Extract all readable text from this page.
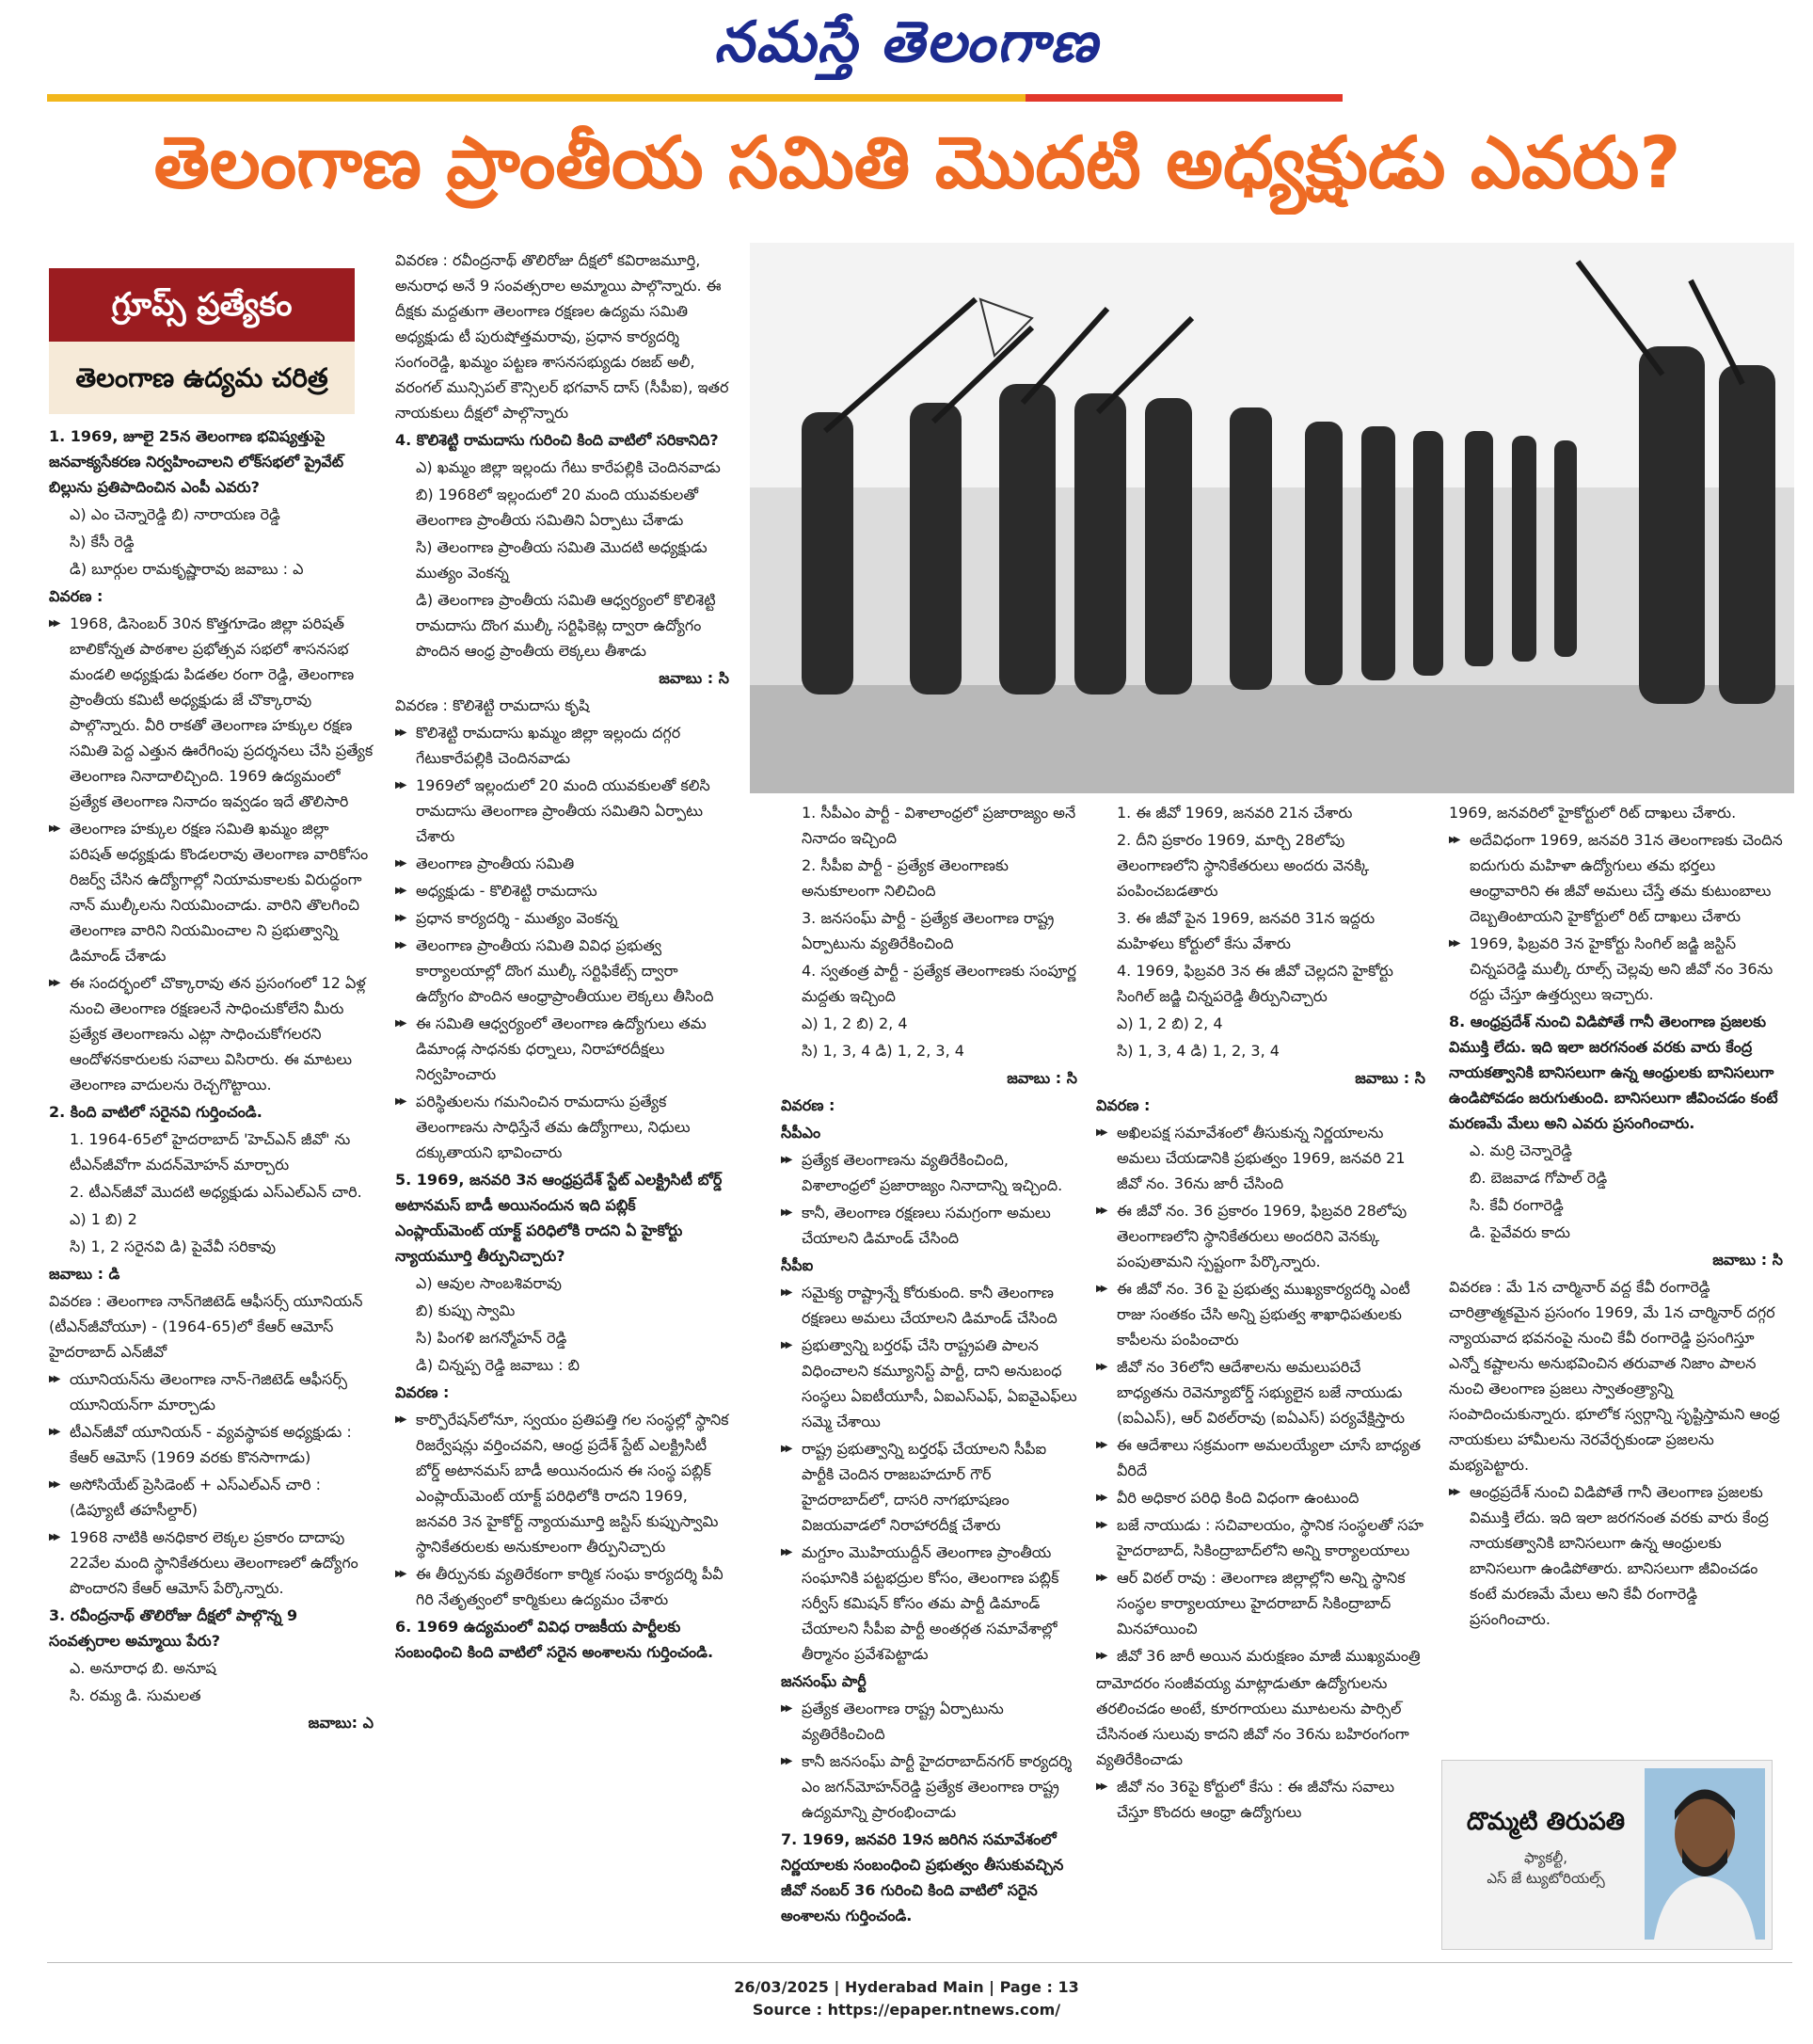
నమస్తే తెలంగాణ
తెలంగాణ ప్రాంతీయ సమితి మొదటి అధ్యక్షుడు ఎవరు?
గ్రూప్స్ ప్రత్యేకం
తెలంగాణ ఉద్యమ చరిత్ర

1. 1969, జూలై 25న తెలంగాణ భవిష్యత్తుపై జనవాక్యసేకరణ నిర్వహించాలని లోక్‌సభలో ప్రైవేట్ బిల్లును ప్రతిపాదించిన ఎంపీ ఎవరు?

ఎ) ఎం చెన్నారెడ్డి బి) నారాయణ రెడ్డి

సి) కేసీ రెడ్డి

డి) బూర్గుల రామకృష్ణారావు జవాబు : ఎ

వివరణ :

▶▶ 1968, డిసెంబర్ 30న కొత్తగూడెం జిల్లా పరిషత్ బాలికోన్నత పాఠశాల ప్రభోత్సవ సభలో శాసనసభ మండలి అధ్యక్షుడు పిడతల రంగా రెడ్డి, తెలంగాణ ప్రాంతీయ కమిటీ అధ్యక్షుడు జే చొక్కారావు పాల్గొన్నారు. వీరి రాకతో తెలంగాణ హక్కుల రక్షణ సమితి పెద్ద ఎత్తున ఊరేగింపు ప్రదర్శనలు చేసి ప్రత్యేక తెలంగాణ నినాదాలిచ్చింది. 1969 ఉద్యమంలో ప్రత్యేక తెలంగాణ నినాదం ఇవ్వడం ఇదే తొలిసారి

▶▶ తెలంగాణ హక్కుల రక్షణ సమితి ఖమ్మం జిల్లా పరిషత్ అధ్యక్షుడు కొండలరావు తెలంగాణ వారికోసం రిజర్వ్ చేసిన ఉద్యోగాల్లో నియామకాలకు విరుద్ధంగా నాన్ ముల్కీలను నియమించాడు. వారిని తొలగించి తెలంగాణ వారిని నియమించాల ని ప్రభుత్వాన్ని డిమాండ్ చేశాడు

▶▶ ఈ సందర్భంలో చొక్కారావు తన ప్రసంగంలో 12 ఏళ్ల నుంచి తెలంగాణ రక్షణలనే సాధించుకోలేని మీరు ప్రత్యేక తెలంగాణను ఎట్లా సాధించుకోగలరని ఆందోళనకారులకు సవాలు విసిరారు. ఈ మాటలు తెలంగాణ వాదులను రెచ్చగొట్టాయి.

2. కింది వాటిలో సరైనవి గుర్తించండి.

1. 1964-65లో హైదరాబాద్ 'హెచ్‌ఎన్ జీవో' ను టీఎన్‌జీవోగా మదన్‌మోహన్ మార్చారు

2. టీఎన్‌జీవో మొదటి అధ్యక్షుడు ఎస్‌ఎల్‌ఎన్ చారి.

ఎ) 1 బి) 2

సి) 1, 2 సరైనవి డి) పైవేవీ సరికావు

జవాబు : డి

వివరణ : తెలంగాణ నాన్‌గెజిటెడ్ ఆఫీసర్స్ యూనియన్ (టీఎన్‌జీవోయూ) - (1964-65)లో కేఆర్ ఆమోస్ హైదరాబాద్ ఎన్‌జీవో

▶▶ యూనియన్‌ను తెలంగాణ నాన్-గెజిటెడ్ ఆఫీసర్స్ యూనియన్‌గా మార్చాడు

▶▶ టీఎన్‌జీవో యూనియన్ - వ్యవస్థాపక అధ్యక్షుడు : కేఆర్ ఆమోస్ (1969 వరకు కొనసాగాడు)

▶▶ అసోసియేట్ ప్రెసిడెంట్ + ఎస్‌ఎల్‌ఎన్ చారి : (డిప్యూటీ తహసీల్దార్)

▶▶ 1968 నాటికి అనధికార లెక్కల ప్రకారం దాదాపు 22వేల మంది స్థానికేతరులు తెలంగాణలో ఉద్యోగం పొందారని కేఆర్ ఆమోస్ పేర్కొన్నారు.

3. రవీంద్రనాథ్ తొలిరోజు దీక్షలో పాల్గొన్న 9 సంవత్సరాల అమ్మాయి పేరు?

ఎ. అనూరాధ బి. అనూష

సి. రమ్య డి. సుమలత

జవాబు: ఎ

వివరణ : రవీంద్రనాథ్ తొలిరోజు దీక్షలో కవిరాజమూర్తి, అనురాధ అనే 9 సంవత్సరాల అమ్మాయి పాల్గొన్నారు. ఈ దీక్షకు మద్దతుగా తెలంగాణ రక్షణల ఉద్యమ సమితి అధ్యక్షుడు టీ పురుషోత్తమరావు, ప్రధాన కార్యదర్శి సంగంరెడ్డి, ఖమ్మం పట్టణ శాసనసభ్యుడు రజబ్ అలీ, వరంగల్ మున్సిపల్ కౌన్సిలర్ భగవాన్ దాస్ (సీపీఐ), ఇతర నాయకులు దీక్షలో పాల్గొన్నారు

4. కొలిశెట్టి రామదాసు గురించి కింది వాటిలో సరికానిది?

ఎ) ఖమ్మం జిల్లా ఇల్లందు గేటు కారేపల్లికి చెందినవాడు

బి) 1968లో ఇల్లందులో 20 మంది యువకులతో తెలంగాణ ప్రాంతీయ సమితిని ఏర్పాటు చేశాడు

సి) తెలంగాణ ప్రాంతీయ సమితి మొదటి అధ్యక్షుడు ముత్యం వెంకన్న

డి) తెలంగాణ ప్రాంతీయ సమితి ఆధ్వర్యంలో కొలిశెట్టి రామదాసు దొంగ ముల్కీ సర్టిఫికెట్ల ద్వారా ఉద్యోగం పొందిన ఆంధ్ర ప్రాంతీయ లెక్కలు తీశాడు

జవాబు : సి

వివరణ : కొలిశెట్టి రామదాసు కృషి

▶▶ కొలిశెట్టి రామదాసు ఖమ్మం జిల్లా ఇల్లందు దగ్గర గేటుకారేపల్లికి చెందినవాడు

▶▶ 1969లో ఇల్లందులో 20 మంది యువకులతో కలిసి రామదాసు తెలంగాణ ప్రాంతీయ సమితిని ఏర్పాటు చేశారు

▶▶ తెలంగాణ ప్రాంతీయ సమితి

▶▶ అధ్యక్షుడు - కొలిశెట్టి రామదాసు

▶▶ ప్రధాన కార్యదర్శి - ముత్యం వెంకన్న

▶▶ తెలంగాణ ప్రాంతీయ సమితి వివిధ ప్రభుత్వ కార్యాలయాల్లో దొంగ ముల్కీ సర్టిఫికేట్స్ ద్వారా ఉద్యోగం పొందిన ఆంధ్రాప్రాంతీయుల లెక్కలు తీసింది

▶▶ ఈ సమితి ఆధ్వర్యంలో తెలంగాణ ఉద్యోగులు తమ డిమాండ్ల సాధనకు ధర్నాలు, నిరాహారదీక్షలు నిర్వహించారు

▶▶ పరిస్థితులను గమనించిన రామదాసు ప్రత్యేక తెలంగాణను సాధిస్తేనే తమ ఉద్యోగాలు, నిధులు దక్కుతాయని భావించారు

5. 1969, జనవరి 3న ఆంధ్రప్రదేశ్ స్టేట్ ఎలక్ట్రిసిటీ బోర్డ్ అటానమస్ బాడీ అయినందున ఇది పబ్లిక్ ఎంప్లాయ్‌మెంట్ యాక్ట్ పరిధిలోకి రాదని ఏ హైకోర్టు న్యాయమూర్తి తీర్పునిచ్చారు?

ఎ) ఆవుల సాంబశివరావు

బి) కుప్పు స్వామి

సి) పింగళి జగన్మోహన్ రెడ్డి

డి) చిన్నప్ప రెడ్డి జవాబు : బి

వివరణ :

▶▶ కార్పొరేషన్‌లోనూ, స్వయం ప్రతిపత్తి గల సంస్థల్లో స్థానిక రిజర్వేషన్లు వర్తించవని, ఆంధ్ర ప్రదేశ్ స్టేట్ ఎలక్ట్రిసిటీ బోర్డ్ అటానమస్ బాడీ అయినందున ఈ సంస్థ పబ్లిక్ ఎంప్లాయ్‌మెంట్ యాక్ట్ పరిధిలోకి రాదని 1969, జనవరి 3న హైకోర్ట్ న్యాయమూర్తి జస్టిస్ కుప్పుస్వామి స్థానికేతరులకు అనుకూలంగా తీర్పునిచ్చారు

▶▶ ఈ తీర్పునకు వ్యతిరేకంగా కార్మిక సంఘ కార్యదర్శి పీవీ గిరి నేతృత్వంలో కార్మికులు ఉద్యమం చేశారు

6. 1969 ఉద్యమంలో వివిధ రాజకీయ పార్టీలకు సంబంధించి కింది వాటిలో సరైన అంశాలను గుర్తించండి.

1. సీపీఎం పార్టీ - విశాలాంధ్రలో ప్రజారాజ్యం అనే నినాదం ఇచ్చింది

2. సీపీఐ పార్టీ - ప్రత్యేక తెలంగాణకు అనుకూలంగా నిలిచింది

3. జనసంఘ్ పార్టీ - ప్రత్యేక తెలంగాణ రాష్ట్ర ఏర్పాటును వ్యతిరేకించింది

4. స్వతంత్ర పార్టీ - ప్రత్యేక తెలంగాణకు సంపూర్ణ మద్దతు ఇచ్చింది

ఎ) 1, 2 బి) 2, 4

సి) 1, 3, 4 డి) 1, 2, 3, 4

జవాబు : సి

వివరణ :

సీపీఎం

▶▶ ప్రత్యేక తెలంగాణను వ్యతిరేకించింది, విశాలాంధ్రలో ప్రజారాజ్యం నినాదాన్ని ఇచ్చింది.

▶▶ కానీ, తెలంగాణ రక్షణలు సమగ్రంగా అమలు చేయాలని డిమాండ్ చేసింది

సీపీఐ

▶▶ సమైక్య రాష్ట్రాన్నే కోరుకుంది. కానీ తెలంగాణ రక్షణలు అమలు చేయాలని డిమాండ్ చేసింది

▶▶ ప్రభుత్వాన్ని బర్తరఫ్ చేసి రాష్ట్రపతి పాలన విధించాలని కమ్యూనిస్ట్ పార్టీ, దాని అనుబంధ సంస్థలు ఏఐటీయూసీ, ఏఐఎస్‌ఎఫ్, ఏఐవైఎఫ్‌లు సమ్మె చేశాయి

▶▶ రాష్ట్ర ప్రభుత్వాన్ని బర్తరఫ్ చేయాలని సీపీఐ పార్టీకి చెందిన రాజబహదూర్ గౌర్ హైదరాబాద్‌లో, దాసరి నాగభూషణం విజయవాడలో నిరాహారదీక్ష చేశారు

▶▶ మగ్దూం మొహియుద్దీన్ తెలంగాణ ప్రాంతీయ సంఘానికి పట్టభద్రుల కోసం, తెలంగాణ పబ్లిక్ సర్వీస్ కమిషన్ కోసం తమ పార్టీ డిమాండ్ చేయాలని సీపీఐ పార్టీ అంతర్గత సమావేశాల్లో తీర్మానం ప్రవేశపెట్టాడు

జనసంఘ్ పార్టీ

▶▶ ప్రత్యేక తెలంగాణ రాష్ట్ర ఏర్పాటును వ్యతిరేకించింది

▶▶ కానీ జనసంఘ్ పార్టీ హైదరాబాద్‌నగర్ కార్యదర్శి ఎం జగన్‌మోహన్‌రెడ్డి ప్రత్యేక తెలంగాణ రాష్ట్ర ఉద్యమాన్ని ప్రారంభించాడు

7. 1969, జనవరి 19న జరిగిన సమావేశంలో నిర్ణయాలకు సంబంధించి ప్రభుత్వం తీసుకువచ్చిన జీవో నంబర్ 36 గురించి కింది వాటిలో సరైన అంశాలను గుర్తించండి.

1. ఈ జీవో 1969, జనవరి 21న చేశారు

2. దీని ప్రకారం 1969, మార్చి 28లోపు తెలంగాణలోని స్థానికేతరులు అందరు వెనక్కి పంపించబడతారు

3. ఈ జీవో పైన 1969, జనవరి 31న ఇద్దరు మహిళలు కోర్టులో కేసు వేశారు

4. 1969, ఫిబ్రవరి 3న ఈ జీవో చెల్లదని హైకోర్టు సింగిల్ జడ్జి చిన్నపరెడ్డి తీర్పునిచ్చారు

ఎ) 1, 2 బి) 2, 4

సి) 1, 3, 4 డి) 1, 2, 3, 4

జవాబు : సి

వివరణ :

▶▶ అఖిలపక్ష సమావేశంలో తీసుకున్న నిర్ణయాలను అమలు చేయడానికి ప్రభుత్వం 1969, జనవరి 21 జీవో నం. 36ను జారీ చేసింది

▶▶ ఈ జీవో నం. 36 ప్రకారం 1969, ఫిబ్రవరి 28లోపు తెలంగాణలోని స్థానికేతరులు అందరిని వెనక్కు పంపుతామని స్పష్టంగా పేర్కొన్నారు.

▶▶ ఈ జీవో నం. 36 పై ప్రభుత్వ ముఖ్యకార్యదర్శి ఎంటీ రాజు సంతకం చేసి అన్ని ప్రభుత్వ శాఖాధిపతులకు కాపీలను పంపించారు

▶▶ జీవో నం 36లోని ఆదేశాలను అమలుపరిచే బాధ్యతను రెవెన్యూబోర్డ్ సభ్యులైన బజే నాయుడు (ఐఏఎస్), ఆర్ విఠల్‌రావు (ఐఏఎస్) పర్యవేక్షిస్తారు

▶▶ ఈ ఆదేశాలు సక్రమంగా అమలయ్యేలా చూసే బాధ్యత వీరిదే

▶▶ వీరి అధికార పరిధి కింది విధంగా ఉంటుంది

▶▶ బజే నాయుడు : సచివాలయం, స్థానిక సంస్థలతో సహ హైదరాబాద్, సికింద్రాబాద్‌లోని అన్ని కార్యాలయాలు

▶▶ ఆర్ విఠల్ రావు : తెలంగాణ జిల్లాల్లోని అన్ని స్థానిక సంస్థల కార్యాలయాలు హైదరాబాద్ సికింద్రాబాద్ మినహాయించి

▶▶ జీవో 36 జారీ అయిన మరుక్షణం మాజీ ముఖ్యమంత్రి

దామోదరం సంజీవయ్య మాట్లాడుతూ ఉద్యోగులను తరలించడం అంటే, కూరగాయలు మూటలను పార్సిల్ చేసినంత సులువు కాదని జీవో నం 36ను బహిరంగంగా వ్యతిరేకించాడు

▶▶ జీవో నం 36పై కోర్టులో కేసు : ఈ జీవోను సవాలు చేస్తూ కొందరు ఆంధ్రా ఉద్యోగులు

1969, జనవరిలో హైకోర్టులో రిట్ దాఖలు చేశారు.

▶▶ అదేవిధంగా 1969, జనవరి 31న తెలంగాణకు చెందిన ఐదుగురు మహిళా ఉద్యోగులు తమ భర్తలు ఆంధ్రావారిని ఈ జీవో అమలు చేస్తే తమ కుటుంబాలు దెబ్బతింటాయని హైకోర్టులో రిట్ దాఖలు చేశారు

▶▶ 1969, ఫిబ్రవరి 3న హైకోర్టు సింగిల్ జడ్జి జస్టిస్ చిన్నపరెడ్డి ముల్కీ రూల్స్ చెల్లవు అని జీవో నం 36ను రద్దు చేస్తూ ఉత్తర్వులు ఇచ్చారు.

8. ఆంధ్రప్రదేశ్ నుంచి విడిపోతే గానీ తెలంగాణ ప్రజలకు విముక్తి లేదు. ఇది ఇలా జరగనంత వరకు వారు కేంద్ర నాయకత్వానికి బానిసలుగా ఉన్న ఆంధ్రులకు బానిసలుగా ఉండిపోవడం జరుగుతుంది. బానిసలుగా జీవించడం కంటే మరణమే మేలు అని ఎవరు ప్రసంగించారు.

ఎ. మర్రి చెన్నారెడ్డి

బి. బెజవాడ గోపాల్ రెడ్డి

సి. కేవీ రంగారెడ్డి

డి. పైవేవరు కాదు

జవాబు : సి

వివరణ : మే 1న చార్మినార్ వద్ద కేవీ రంగారెడ్డి చారిత్రాత్మకమైన ప్రసంగం 1969, మే 1న చార్మినార్ దగ్గర న్యాయవాద భవనంపై నుంచి కేవీ రంగారెడ్డి ప్రసంగిస్తూ ఎన్నో కష్టాలను అనుభవించిన తరువాత నిజాం పాలన నుంచి తెలంగాణ ప్రజలు స్వాతంత్ర్యాన్ని సంపాదించుకున్నారు. భూలోక స్వర్గాన్ని సృష్టిస్తామని ఆంధ్ర నాయకులు హామీలను నెరవేర్చకుండా ప్రజలను మభ్యపెట్టారు.

▶▶ ఆంధ్రప్రదేశ్ నుంచి విడిపోతే గానీ తెలంగాణ ప్రజలకు విముక్తి లేదు. ఇది ఇలా జరగనంత వరకు వారు కేంద్ర నాయకత్వానికి బానిసలుగా ఉన్న ఆంధ్రులకు బానిసలుగా ఉండిపోతారు. బానిసలుగా జీవించడం కంటే మరణమే మేలు అని కేవీ రంగారెడ్డి ప్రసంగించారు.

దొమ్మటి తిరుపతి
ఫ్యాకల్టీ,
ఎస్ జే ట్యుటోరియల్స్
26/03/2025 | Hyderabad Main | Page : 13
Source : https://epaper.ntnews.com/
